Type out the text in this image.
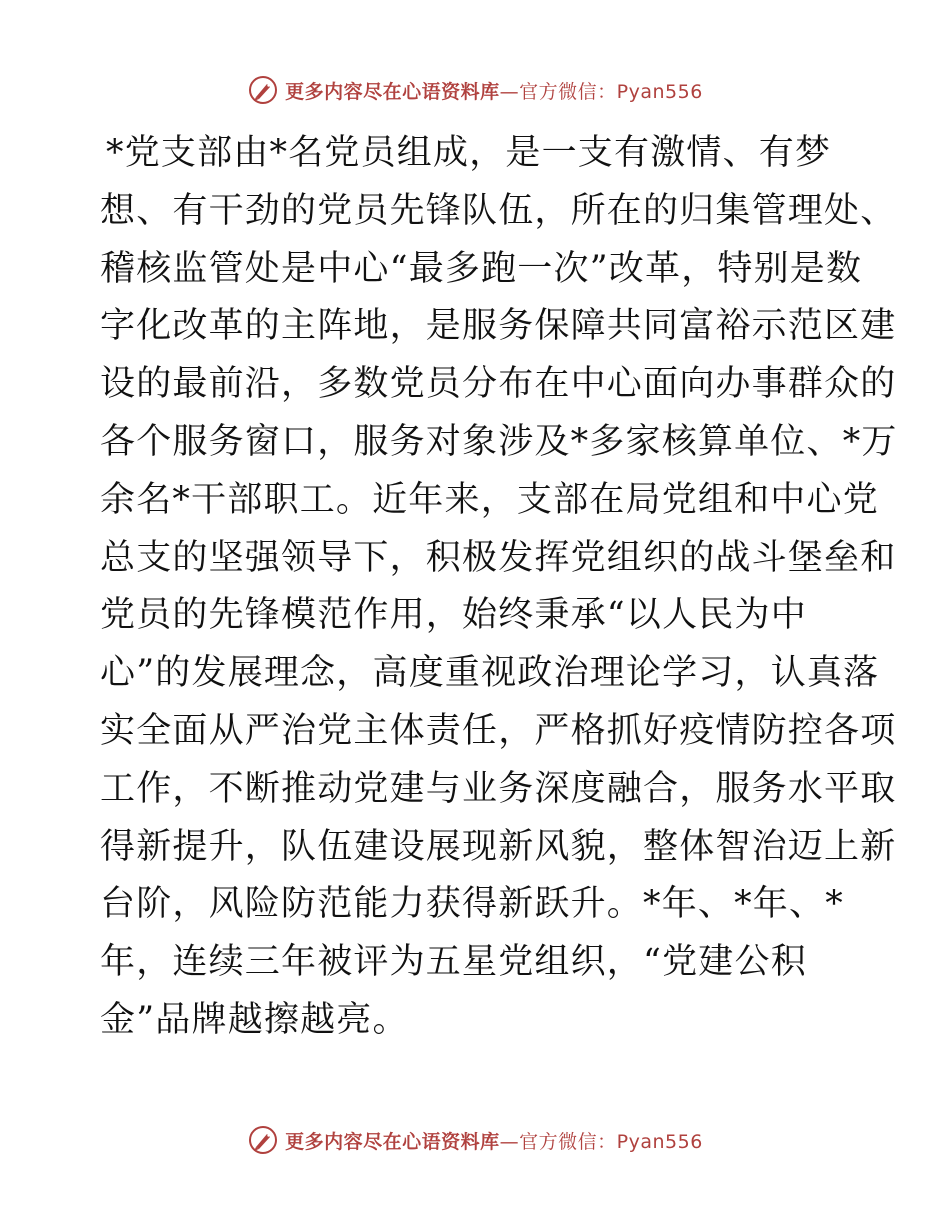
更多内容尽在心语资料库—官方微信：Pyan556
*党支部由*名党员组成，是一支有激情、有梦
想、有干劲的党员先锋队伍，所在的归集管理处、
稽核监管处是中心“最多跑一次”改革，特别是数
字化改革的主阵地，是服务保障共同富裕示范区建
设的最前沿，多数党员分布在中心面向办事群众的
各个服务窗口，服务对象涉及*多家核算单位、*万
余名*干部职工。近年来，支部在局党组和中心党
总支的坚强领导下，积极发挥党组织的战斗堡垒和
党员的先锋模范作用，始终秉承“以人民为中
心”的发展理念，高度重视政治理论学习，认真落
实全面从严治党主体责任，严格抓好疫情防控各项
工作，不断推动党建与业务深度融合，服务水平取
得新提升，队伍建设展现新风貌，整体智治迈上新
台阶，风险防范能力获得新跃升。*年、*年、*
年，连续三年被评为五星党组织，“党建公积
金”品牌越擦越亮。
更多内容尽在心语资料库—官方微信：Pyan556
